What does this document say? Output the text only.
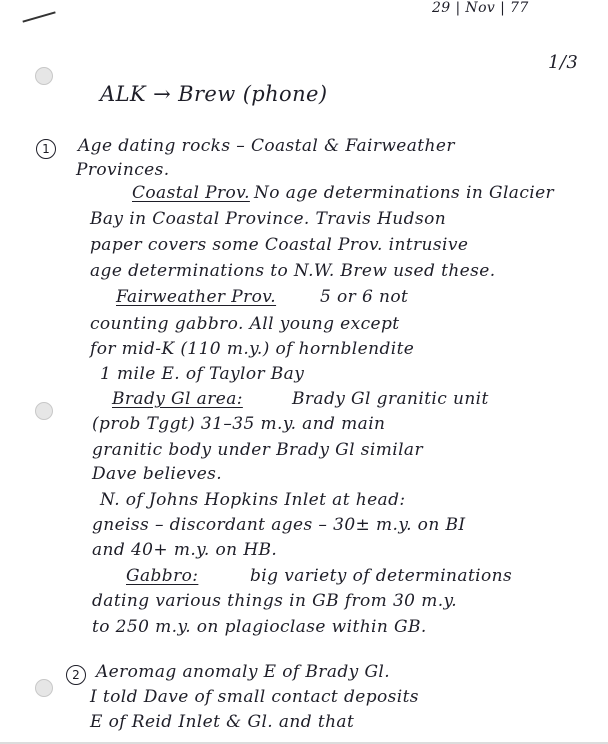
29 | Nov | 77
1/3
ALK → Brew (phone)
1	Age dating rocks – Coastal & Fairweather
Provinces.
Coastal Prov. No age determinations in Glacier
Bay in Coastal Province. Travis Hudson
paper covers some Coastal Prov. intrusive
age determinations to N.W. Brew used these.
Fairweather Prov.	5 or 6 not
counting gabbro. All young except
for mid-K (110 m.y.) of hornblendite
1 mile E. of Taylor Bay
Brady Gl area:	Brady Gl granitic unit
(prob Tggt) 31–35 m.y. and main
granitic body under Brady Gl similar
Dave believes.
N. of Johns Hopkins Inlet at head:
gneiss – discordant ages – 30± m.y. on BI
and 40+ m.y. on HB.
Gabbro:	big variety of determinations
dating various things in GB from 30 m.y.
to 250 m.y. on plagioclase within GB.
2 Aeromag anomaly E of Brady Gl.
I told Dave of small contact deposits
E of Reid Inlet & Gl. and that
